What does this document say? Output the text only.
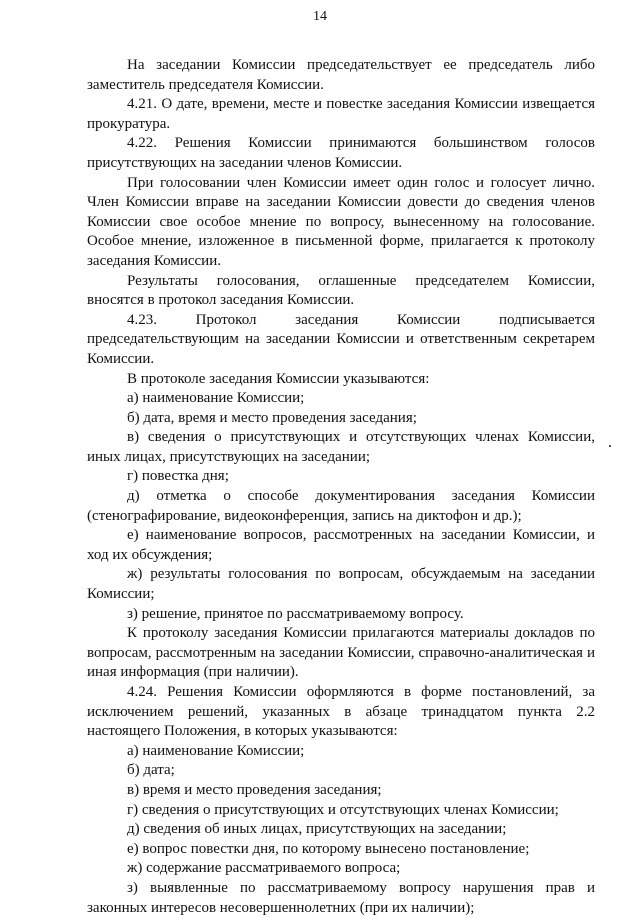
14

На заседании Комиссии председательствует ее председатель либо заместитель председателя Комиссии.

4.21. О дате, времени, месте и повестке заседания Комиссии извещается прокуратура.

4.22. Решения Комиссии принимаются большинством голосов присутствующих на заседании членов Комиссии.

При голосовании член Комиссии имеет один голос и голосует лично. Член Комиссии вправе на заседании Комиссии довести до сведения членов Комиссии свое особое мнение по вопросу, вынесенному на голосование. Особое мнение, изложенное в письменной форме, прилагается к протоколу заседания Комиссии.

Результаты голосования, оглашенные председателем Комиссии, вносятся в протокол заседания Комиссии.

4.23. Протокол заседания Комиссии подписывается председательствующим на заседании Комиссии и ответственным секретарем Комиссии.

В протоколе заседания Комиссии указываются:

а) наименование Комиссии;

б) дата, время и место проведения заседания;

в) сведения о присутствующих и отсутствующих членах Комиссии, иных лицах, присутствующих на заседании;

г) повестка дня;

д) отметка о способе документирования заседания Комиссии (стенографирование, видеоконференция, запись на диктофон и др.);

е) наименование вопросов, рассмотренных на заседании Комиссии, и ход их обсуждения;

ж) результаты голосования по вопросам, обсуждаемым на заседании Комиссии;

з) решение, принятое по рассматриваемому вопросу.

К протоколу заседания Комиссии прилагаются материалы докладов по вопросам, рассмотренным на заседании Комиссии, справочно-аналитическая и иная информация (при наличии).

4.24. Решения Комиссии оформляются в форме постановлений, за исключением решений, указанных в абзаце тринадцатом пункта 2.2 настоящего Положения, в которых указываются:

а) наименование Комиссии;

б) дата;

в) время и место проведения заседания;

г) сведения о присутствующих и отсутствующих членах Комиссии;

д) сведения об иных лицах, присутствующих на заседании;

е) вопрос повестки дня, по которому вынесено постановление;

ж) содержание рассматриваемого вопроса;

з) выявленные по рассматриваемому вопросу нарушения прав и законных интересов несовершеннолетних (при их наличии);
